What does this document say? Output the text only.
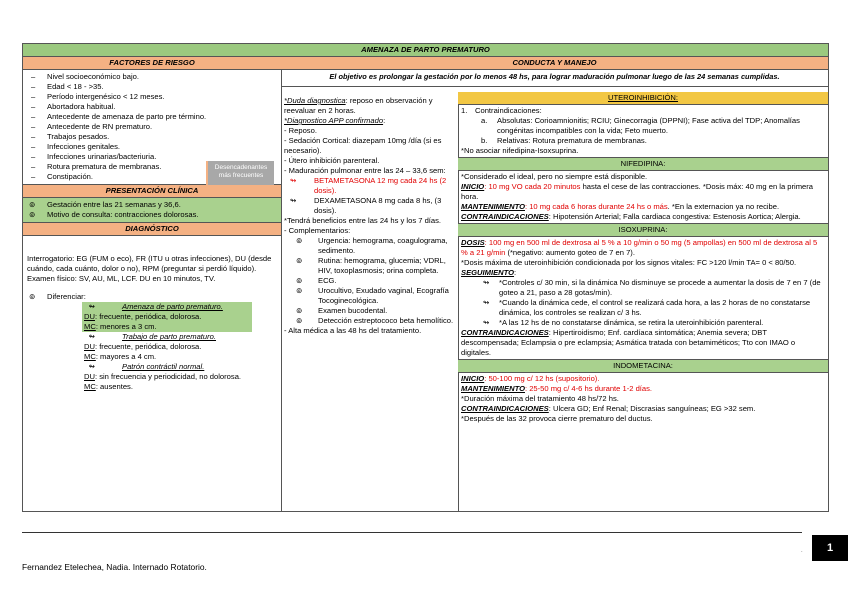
AMENAZA DE PARTO PREMATURO
FACTORES DE RIESGO
– Nivel socioeconómico bajo.
– Edad < 18 - >35.
– Período intergenésico < 12 meses.
– Abortadora habitual.
– Antecedente de amenaza de parto pre término.
– Antecedente de RN prematuro.
– Trabajos pesados.
– Infecciones genitales.
– Infecciones urinarias/bacteriuria.
– Rotura prematura de membranas.
– Constipación.
Desencadenantes más frecuentes
PRESENTACIÓN CLÍNICA
⊚ Gestación entre las 21 semanas y 36,6.
⊚ Motivo de consulta: contracciones dolorosas.
DIAGNÓSTICO
Interrogatorio: EG (FUM o eco), FR (ITU u otras infecciones), DU (desde cuándo, cada cuánto, dolor o no), RPM (preguntar si perdió líquido).
Examen físico: SV, AU, ML, LCF. DU en 10 minutos, TV.
⊚ Diferenciar:
↬ Amenaza de parto prematuro.
DU: frecuente, periódica, dolorosa.
MC: menores a 3 cm.
↬ Trabajo de parto prematuro.
DU: frecuente, periódica, dolorosa.
MC: mayores a 4 cm.
↬ Patrón contráctil normal.
DU: sin frecuencia y periodicidad, no dolorosa.
MC: ausentes.
CONDUCTA Y MANEJO
El objetivo es prolongar la gestación por lo menos 48 hs, para lograr maduración pulmonar luego de las 24 semanas cumplidas.
*Duda diagnostica: reposo en observación y reevaluar en 2 horas.
*Diagnostico APP confirmado:
- Reposo.
- Sedación Cortical: diazepam 10mg /día (si es necesario).
- Útero inhibición parenteral.
- Maduración pulmonar entre las 24 – 33,6 sem:
↬ BETAMETASONA 12 mg cada 24 hs (2 dosis).
↬ DEXAMETASONA 8 mg cada 8 hs, (3 dosis).
*Tendrá beneficios entre las 24 hs y los 7 días.
- Complementarios:
⊚ Urgencia: hemograma, coagulograma, sedimento.
⊚ Rutina: hemograma, glucemia; VDRL, HIV, toxoplasmosis; orina completa.
⊚ ECG.
⊚ Urocultivo, Exudado vaginal, Ecografía Tocoginecológica.
⊚ Examen bucodental.
⊚ Detección estreptococo beta hemolítico.
- Alta médica a las 48 hs del tratamiento.
UTEROINHIBICIÓN:
1. Contraindicaciones:
a. Absolutas: Corioamnionitis; RCIU; Ginecorragia (DPPNI); Fase activa del TDP; Anomalías congénitas incompatibles con la vida; Feto muerto.
b. Relativas: Rotura prematura de membranas.
*No asociar nifedipina-Isoxsuprina.
NIFEDIPINA:
*Considerado el ideal, pero no siempre está disponible.
INICIO: 10 mg VO cada 20 minutos hasta el cese de las contracciones. *Dosis máx: 40 mg en la primera hora.
MANTENIMIENTO: 10 mg cada 6 horas durante 24 hs o más. *En la externacion ya no recibe.
CONTRAINDICACIONES: Hipotensión Arterial; Falla cardiaca congestiva: Estenosis Aortica; Alergia.
ISOXUPRINA:
DOSIS: 100 mg en 500 ml de dextrosa al 5 % a 10 g/min o 50 mg (5 ampollas) en 500 ml de dextrosa al 5 % a 21 g/min (*negativo: aumento goteo de 7 en 7).
*Dosis máxima de uteroinhibición condicionada por los signos vitales: FC >120 l/min TA= 0 < 80/50.
SEGUIMIENTO:
↬ *Controles c/ 30 min, si la dinámica No disminuye se procede a aumentar la dosis de 7 en 7 (de goteo a 21, paso a 28 gotas/min).
↬ *Cuando la dinámica cede, el control se realizará cada hora, a las 2 horas de no constatarse dinámica, los controles se realizan c/ 3 hs.
↬ *A las 12 hs de no constatarse dinámica, se retira la uteroinhibición parenteral.
CONTRAINDICACIONES: Hipertiroidismo; Enf. cardíaca sintomática; Anemia severa; DBT descompensada; Eclampsia o pre eclampsia; Asmática tratada con betamiméticos; Tto con IMAO o digitales.
INDOMETACINA:
INICIO: 50-100 mg c/ 12 hs (supositorio).
MANTENIMIENTO: 25-50 mg c/ 4-6 hs durante 1-2 días.
*Duración máxima del tratamiento 48 hs/72 hs.
CONTRAINDICACIONES: Ulcera GD; Enf Renal; Discrasias sanguíneas; EG >32 sem.
*Después de las 32 provoca cierre prematuro del ductus.
.	1
Fernandez Etelechea, Nadia. Internado Rotatorio.
